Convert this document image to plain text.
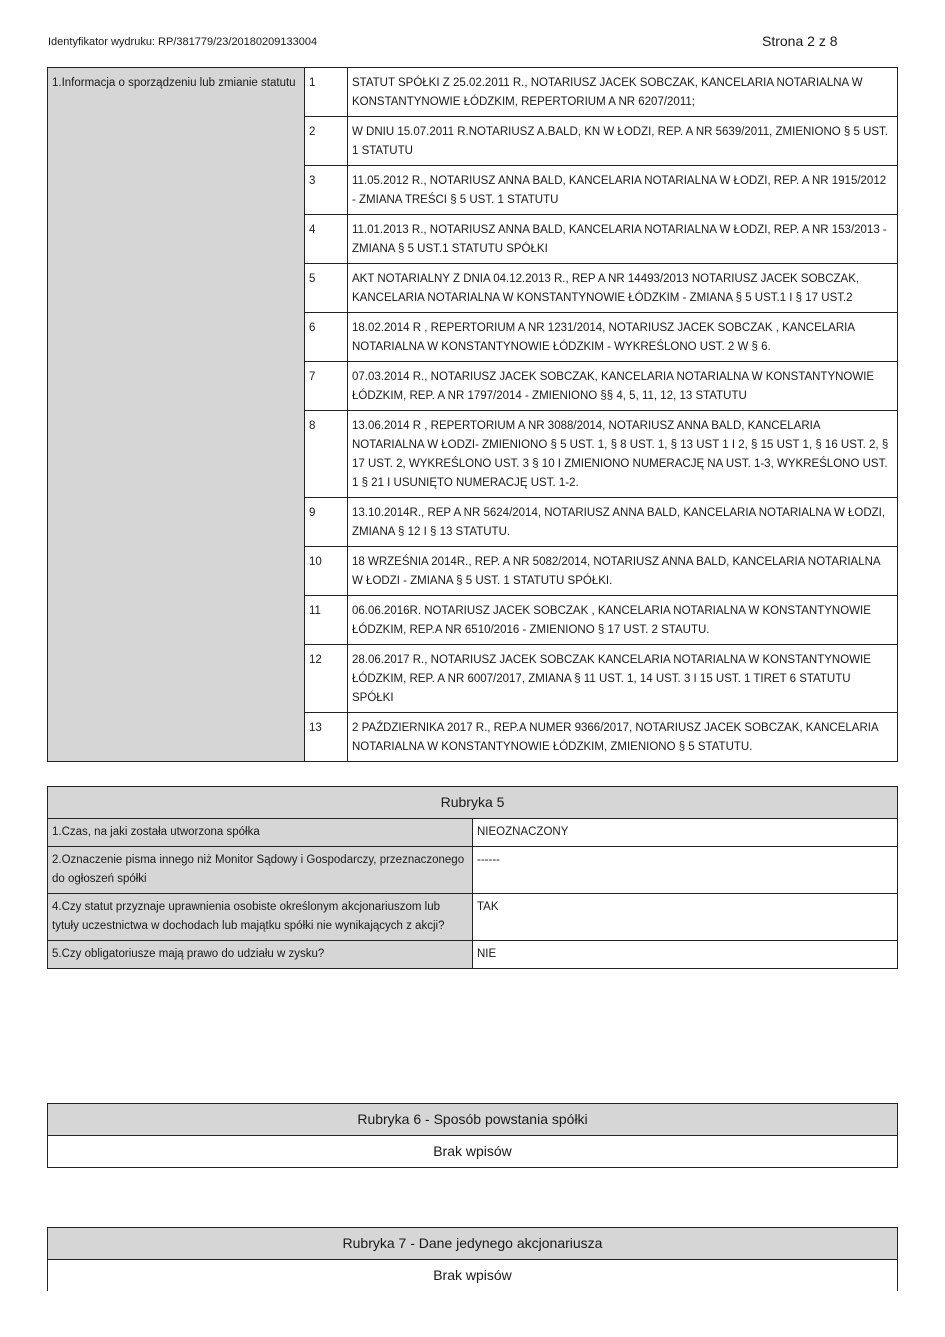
Identyfikator wydruku: RP/381779/23/20180209133004	Strona 2 z 8
1.Informacja o sporządzeniu lub zmianie statutu	1	STATUT SPÓŁKI Z 25.02.2011 R., NOTARIUSZ JACEK SOBCZAK, KANCELARIA NOTARIALNA W KONSTANTYNOWIE ŁÓDZKIM, REPERTORIUM A NR 6207/2011;
	2	W DNIU 15.07.2011 R.NOTARIUSZ A.BALD, KN W ŁODZI, REP. A NR 5639/2011, ZMIENIONO § 5 UST. 1 STATUTU
	3	11.05.2012 R., NOTARIUSZ ANNA BALD, KANCELARIA NOTARIALNA W ŁODZI, REP. A NR 1915/2012 - ZMIANA TREŚCI § 5 UST. 1 STATUTU
	4	11.01.2013 R., NOTARIUSZ ANNA BALD, KANCELARIA NOTARIALNA W ŁODZI, REP. A NR 153/2013 - ZMIANA § 5 UST.1 STATUTU SPÓŁKI
	5	AKT NOTARIALNY Z DNIA 04.12.2013 R., REP A NR 14493/2013 NOTARIUSZ JACEK SOBCZAK, KANCELARIA NOTARIALNA W KONSTANTYNOWIE ŁÓDZKIM - ZMIANA § 5 UST.1 I § 17 UST.2
	6	18.02.2014 R , REPERTORIUM A NR 1231/2014, NOTARIUSZ JACEK SOBCZAK , KANCELARIA NOTARIALNA W KONSTANTYNOWIE ŁÓDZKIM - WYKREŚLONO UST. 2 W § 6.
	7	07.03.2014 R., NOTARIUSZ JACEK SOBCZAK, KANCELARIA NOTARIALNA W KONSTANTYNOWIE ŁÓDZKIM, REP. A NR 1797/2014 - ZMIENIONO §§ 4, 5, 11, 12, 13 STATUTU
	8	13.06.2014 R , REPERTORIUM A NR 3088/2014, NOTARIUSZ ANNA BALD, KANCELARIA NOTARIALNA W ŁODZI- ZMIENIONO § 5 UST. 1, § 8 UST. 1, § 13 UST 1 I 2, § 15 UST 1, § 16 UST. 2, § 17 UST. 2, WYKREŚLONO UST. 3 § 10 I ZMIENIONO NUMERACJĘ NA UST. 1-3, WYKREŚLONO UST. 1 § 21 I USUNIĘTO NUMERACJĘ UST. 1-2.
	9	13.10.2014R., REP A NR 5624/2014, NOTARIUSZ ANNA BALD, KANCELARIA NOTARIALNA W ŁODZI, ZMIANA § 12 I § 13 STATUTU.
	10	18 WRZEŚNIA 2014R., REP. A NR 5082/2014, NOTARIUSZ ANNA BALD, KANCELARIA NOTARIALNA W ŁODZI - ZMIANA § 5 UST. 1 STATUTU SPÓŁKI.
	11	06.06.2016R. NOTARIUSZ JACEK SOBCZAK , KANCELARIA NOTARIALNA W KONSTANTYNOWIE ŁÓDZKIM, REP.A NR 6510/2016 - ZMIENIONO § 17 UST. 2 STAUTU.
	12	28.06.2017 R., NOTARIUSZ JACEK SOBCZAK KANCELARIA NOTARIALNA W KONSTANTYNOWIE ŁÓDZKIM, REP. A NR 6007/2017, ZMIANA § 11 UST. 1, 14 UST. 3 I 15 UST. 1 TIRET 6 STATUTU SPÓŁKI
	13	2 PAŹDZIERNIKA 2017 R., REP.A NUMER 9366/2017, NOTARIUSZ JACEK SOBCZAK, KANCELARIA NOTARIALNA W KONSTANTYNOWIE ŁÓDZKIM, ZMIENIONO § 5 STATUTU.
Rubryka 5	
1.Czas, na jaki została utworzona spółka	NIEOZNACZONY
2.Oznaczenie pisma innego niż Monitor Sądowy i Gospodarczy, przeznaczonego do ogłoszeń spółki	------
4.Czy statut przyznaje uprawnienia osobiste określonym akcjonariuszom lub tytuły uczestnictwa w dochodach lub majątku spółki nie wynikających z akcji?	TAK
5.Czy obligatoriusze mają prawo do udziału w zysku?	NIE
Rubryka 6 - Sposób powstania spółki
Brak wpisów
Rubryka 7 - Dane jedynego akcjonariusza
Brak wpisów
